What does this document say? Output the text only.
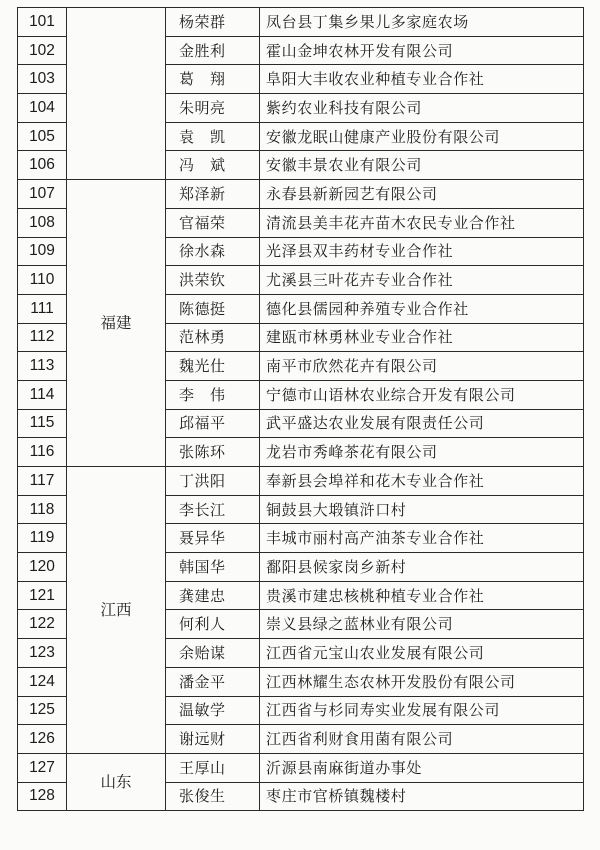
101		杨荣群	凤台县丁集乡果儿多家庭农场
102		金胜利	霍山金坤农林开发有限公司
103		葛　翔	阜阳大丰收农业种植专业合作社
104		朱明亮	紫约农业科技有限公司
105		袁　凯	安徽龙眠山健康产业股份有限公司
106		冯　斌	安徽丰景农业有限公司
107	福建	郑泽新	永春县新新园艺有限公司
108		官福荣	清流县美丰花卉苗木农民专业合作社
109		徐水森	光泽县双丰药材专业合作社
110		洪荣钦	尤溪县三叶花卉专业合作社
111		陈德挺	德化县儒园种养殖专业合作社
112		范林勇	建瓯市林勇林业专业合作社
113		魏光仕	南平市欣然花卉有限公司
114		李　伟	宁德市山语林农业综合开发有限公司
115		邱福平	武平盛达农业发展有限责任公司
116		张陈环	龙岩市秀峰茶花有限公司
117	江西	丁洪阳	奉新县会埠祥和花木专业合作社
118		李长江	铜鼓县大塅镇浒口村
119		聂异华	丰城市丽村高产油茶专业合作社
120		韩国华	鄱阳县候家岗乡新村
121		龚建忠	贵溪市建忠核桃种植专业合作社
122		何利人	崇义县绿之蓝林业有限公司
123		余贻谋	江西省元宝山农业发展有限公司
124		潘金平	江西林耀生态农林开发股份有限公司
125		温敏学	江西省与杉同寿实业发展有限公司
126		谢远财	江西省利财食用菌有限公司
127	山东	王厚山	沂源县南麻街道办事处
128		张俊生	枣庄市官桥镇魏楼村
